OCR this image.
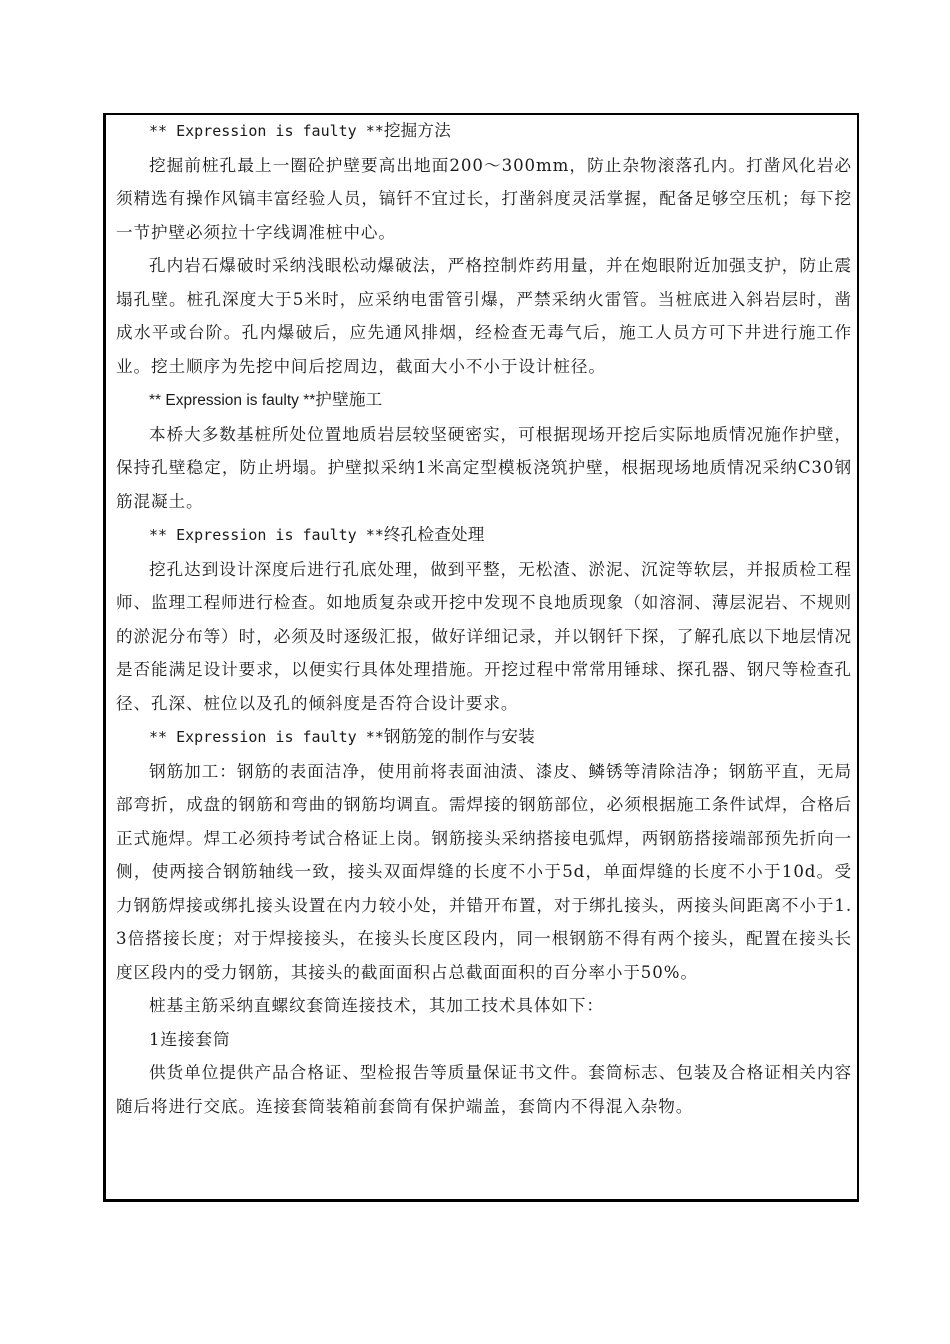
** Expression is faulty **挖掘方法

挖掘前桩孔最上一圈砼护壁要高出地面200～300mm，防止杂物滚落孔内。打凿风化岩必须精选有操作风镐丰富经验人员，镐钎不宜过长，打凿斜度灵活掌握，配备足够空压机；每下挖一节护壁必须拉十字线调准桩中心。

孔内岩石爆破时采纳浅眼松动爆破法，严格控制炸药用量，并在炮眼附近加强支护，防止震塌孔壁。桩孔深度大于5米时，应采纳电雷管引爆，严禁采纳火雷管。当桩底进入斜岩层时，凿成水平或台阶。孔内爆破后，应先通风排烟，经检查无毒气后，施工人员方可下井进行施工作业。挖土顺序为先挖中间后挖周边，截面大小不小于设计桩径。

** Expression is faulty **护壁施工

本桥大多数基桩所处位置地质岩层较坚硬密实，可根据现场开挖后实际地质情况施作护壁，保持孔壁稳定，防止坍塌。护壁拟采纳1米高定型模板浇筑护壁，根据现场地质情况采纳C30钢筋混凝土。

** Expression is faulty **终孔检查处理

挖孔达到设计深度后进行孔底处理，做到平整，无松渣、淤泥、沉淀等软层，并报质检工程师、监理工程师进行检查。如地质复杂或开挖中发现不良地质现象（如溶洞、薄层泥岩、不规则的淤泥分布等）时，必须及时逐级汇报，做好详细记录，并以钢钎下探，了解孔底以下地层情况是否能满足设计要求，以便实行具体处理措施。开挖过程中常常用锤球、探孔器、钢尺等检查孔径、孔深、桩位以及孔的倾斜度是否符合设计要求。

** Expression is faulty **钢筋笼的制作与安装

钢筋加工：钢筋的表面洁净，使用前将表面油渍、漆皮、鳞锈等清除洁净；钢筋平直，无局部弯折，成盘的钢筋和弯曲的钢筋均调直。需焊接的钢筋部位，必须根据施工条件试焊，合格后正式施焊。焊工必须持考试合格证上岗。钢筋接头采纳搭接电弧焊，两钢筋搭接端部预先折向一侧，使两接合钢筋轴线一致，接头双面焊缝的长度不小于5d，单面焊缝的长度不小于10d。受力钢筋焊接或绑扎接头设置在内力较小处，并错开布置，对于绑扎接头，两接头间距离不小于1.3倍搭接长度；对于焊接接头，在接头长度区段内，同一根钢筋不得有两个接头，配置在接头长度区段内的受力钢筋，其接头的截面面积占总截面面积的百分率小于50%。

桩基主筋采纳直螺纹套筒连接技术，其加工技术具体如下：

1连接套筒

供货单位提供产品合格证、型检报告等质量保证书文件。套筒标志、包装及合格证相关内容随后将进行交底。连接套筒装箱前套筒有保护端盖，套筒内不得混入杂物。
